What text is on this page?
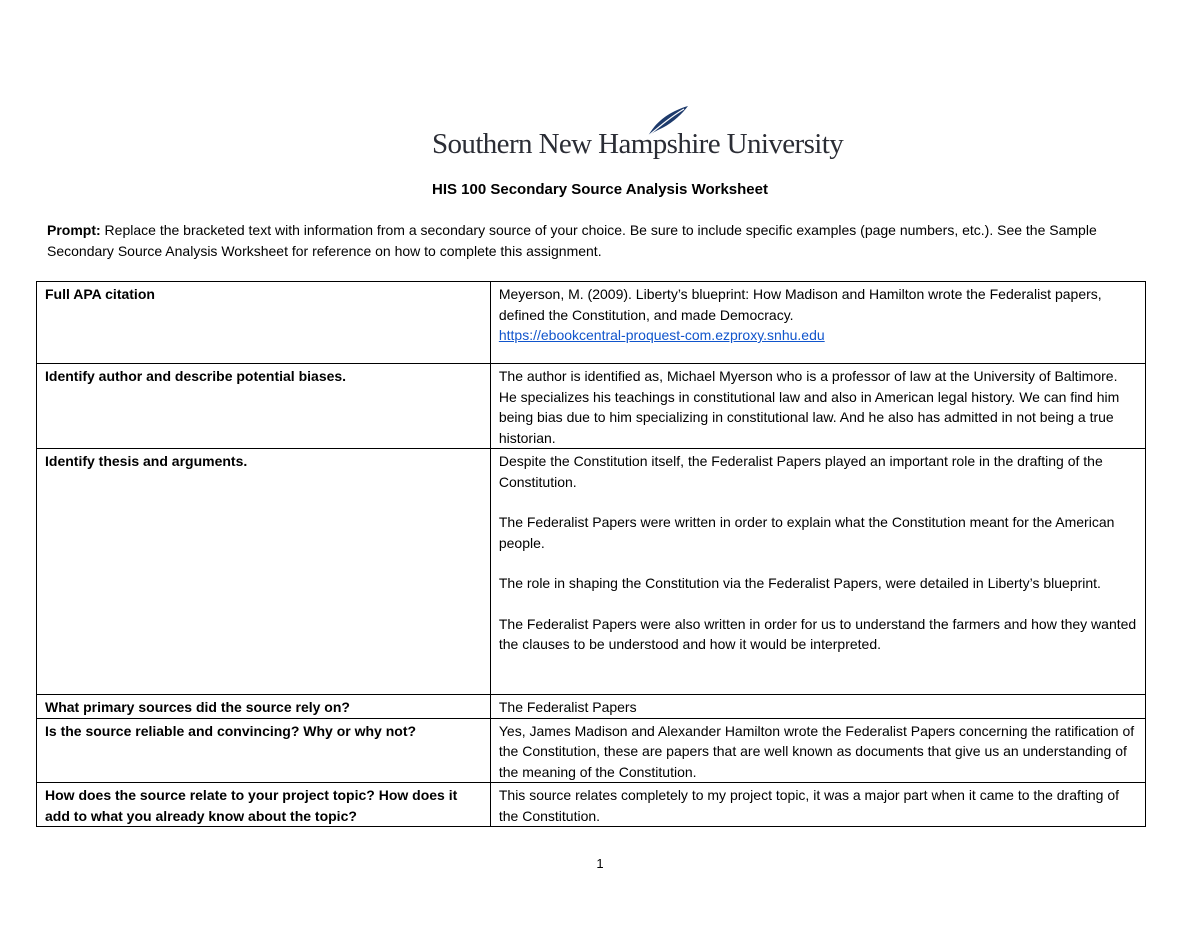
Southern New Hampshire University
HIS 100 Secondary Source Analysis Worksheet
Prompt: Replace the bracketed text with information from a secondary source of your choice. Be sure to include specific examples (page numbers, etc.). See the Sample Secondary Source Analysis Worksheet for reference on how to complete this assignment.
Full APA citation	Meyerson, M. (2009). Liberty’s blueprint: How Madison and Hamilton wrote the Federalist papers, defined the Constitution, and made Democracy.
https://ebookcentral-proquest-com.ezproxy.snhu.edu
Identify author and describe potential biases.	The author is identified as, Michael Myerson who is a professor of law at the University of Baltimore. He specializes his teachings in constitutional law and also in American legal history. We can find him being bias due to him specializing in constitutional law. And he also has admitted in not being a true historian.
Identify thesis and arguments.	Despite the Constitution itself, the Federalist Papers played an important role in the drafting of the Constitution.

The Federalist Papers were written in order to explain what the Constitution meant for the American people.

The role in shaping the Constitution via the Federalist Papers, were detailed in Liberty’s blueprint.

The Federalist Papers were also written in order for us to understand the farmers and how they wanted the clauses to be understood and how it would be interpreted.

What primary sources did the source rely on?	The Federalist Papers
Is the source reliable and convincing? Why or why not?	Yes, James Madison and Alexander Hamilton wrote the Federalist Papers concerning the ratification of the Constitution, these are papers that are well known as documents that give us an understanding of the meaning of the Constitution.
How does the source relate to your project topic? How does it add to what you already know about the topic?	This source relates completely to my project topic, it was a major part when it came to the drafting of the Constitution.
1
